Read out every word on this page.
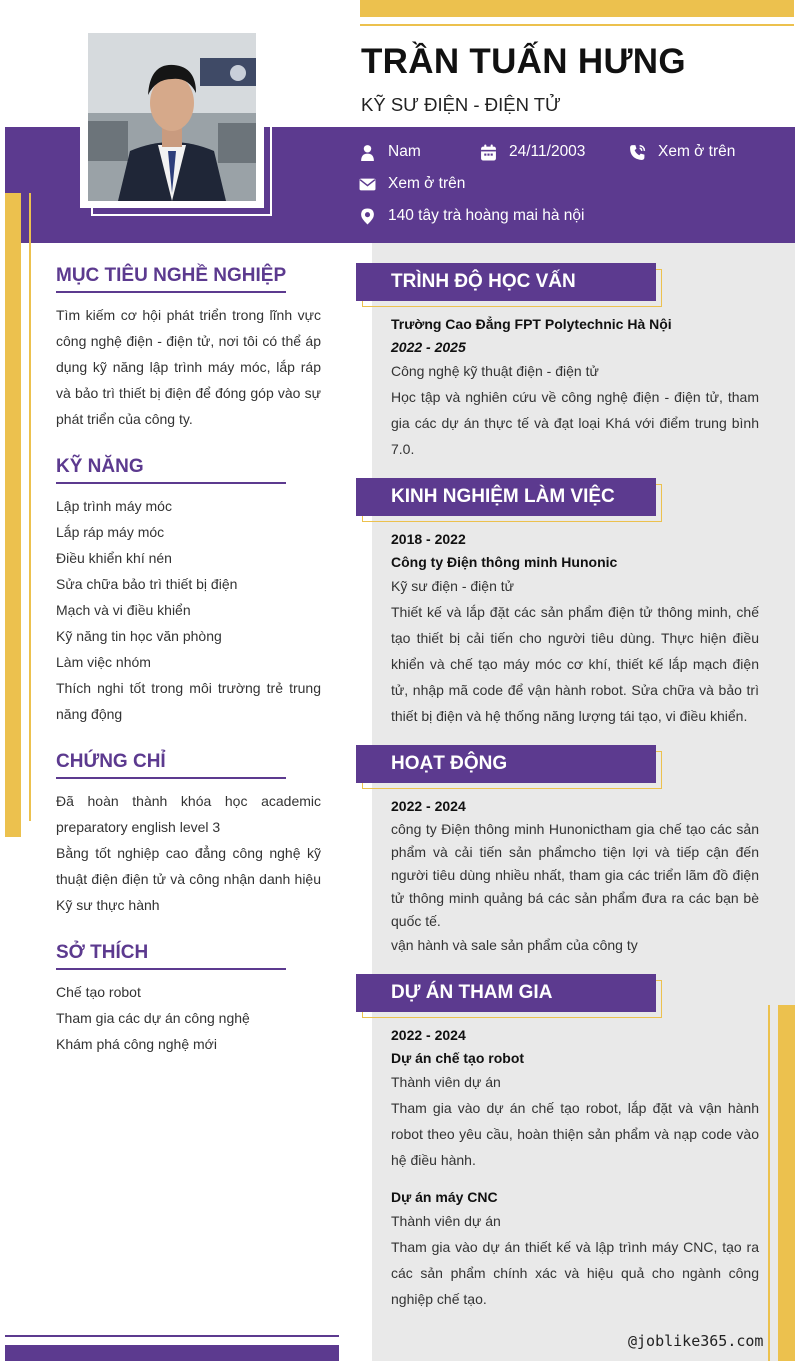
TRẦN TUẤN HƯNG
KỸ SƯ ĐIỆN - ĐIỆN TỬ
Nam	24/11/2003	Xem ở trên
Xem ở trên
140 tây trà hoàng mai hà nội
MỤC TIÊU NGHỀ NGHIỆP
Tìm kiếm cơ hội phát triển trong lĩnh vực công nghệ điện - điện tử, nơi tôi có thể áp dụng kỹ năng lập trình máy móc, lắp ráp và bảo trì thiết bị điện để đóng góp vào sự phát triển của công ty.
KỸ NĂNG
Lập trình máy móc
Lắp ráp máy móc
Điều khiển khí nén
Sửa chữa bảo trì thiết bị điện
Mạch và vi điều khiển
Kỹ năng tin học văn phòng
Làm việc nhóm
Thích nghi tốt trong môi trường trẻ trung năng động
CHỨNG CHỈ
Đã hoàn thành khóa học academic preparatory english level 3
Bằng tốt nghiệp cao đẳng công nghệ kỹ thuật điện điện tử và công nhận danh hiệu Kỹ sư thực hành
SỞ THÍCH
Chế tạo robot
Tham gia các dự án công nghệ
Khám phá công nghệ mới
TRÌNH ĐỘ HỌC VẤN
Trường Cao Đẳng FPT Polytechnic Hà Nội
2022 - 2025
Công nghệ kỹ thuật điện - điện tử
Học tập và nghiên cứu về công nghệ điện - điện tử, tham gia các dự án thực tế và đạt loại Khá với điểm trung bình 7.0.
KINH NGHIỆM LÀM VIỆC
2018 - 2022
Công ty Điện thông minh Hunonic
Kỹ sư điện - điện tử
Thiết kế và lắp đặt các sản phẩm điện tử thông minh, chế tạo thiết bị cải tiến cho người tiêu dùng. Thực hiện điều khiển và chế tạo máy móc cơ khí, thiết kế lắp mạch điện tử, nhập mã code để vận hành robot. Sửa chữa và bảo trì thiết bị điện và hệ thống năng lượng tái tạo, vi điều khiển.
HOẠT ĐỘNG
2022 - 2024
công ty Điện thông minh Hunonictham gia chế tạo các sản phẩm và cải tiến sản phẩmcho tiện lợi và tiếp cận đến người tiêu dùng nhiều nhất, tham gia các triển lãm đồ điện tử thông minh quảng bá các sản phẩm đưa ra các bạn bè quốc tế.
vận hành và sale sản phẩm của công ty
DỰ ÁN THAM GIA
2022 - 2024
Dự án chế tạo robot
Thành viên dự án
Tham gia vào dự án chế tạo robot, lắp đặt và vận hành robot theo yêu cầu, hoàn thiện sản phẩm và nạp code vào hệ điều hành.
Dự án máy CNC
Thành viên dự án
Tham gia vào dự án thiết kế và lập trình máy CNC, tạo ra các sản phẩm chính xác và hiệu quả cho ngành công nghiệp chế tạo.
@joblike365.com
